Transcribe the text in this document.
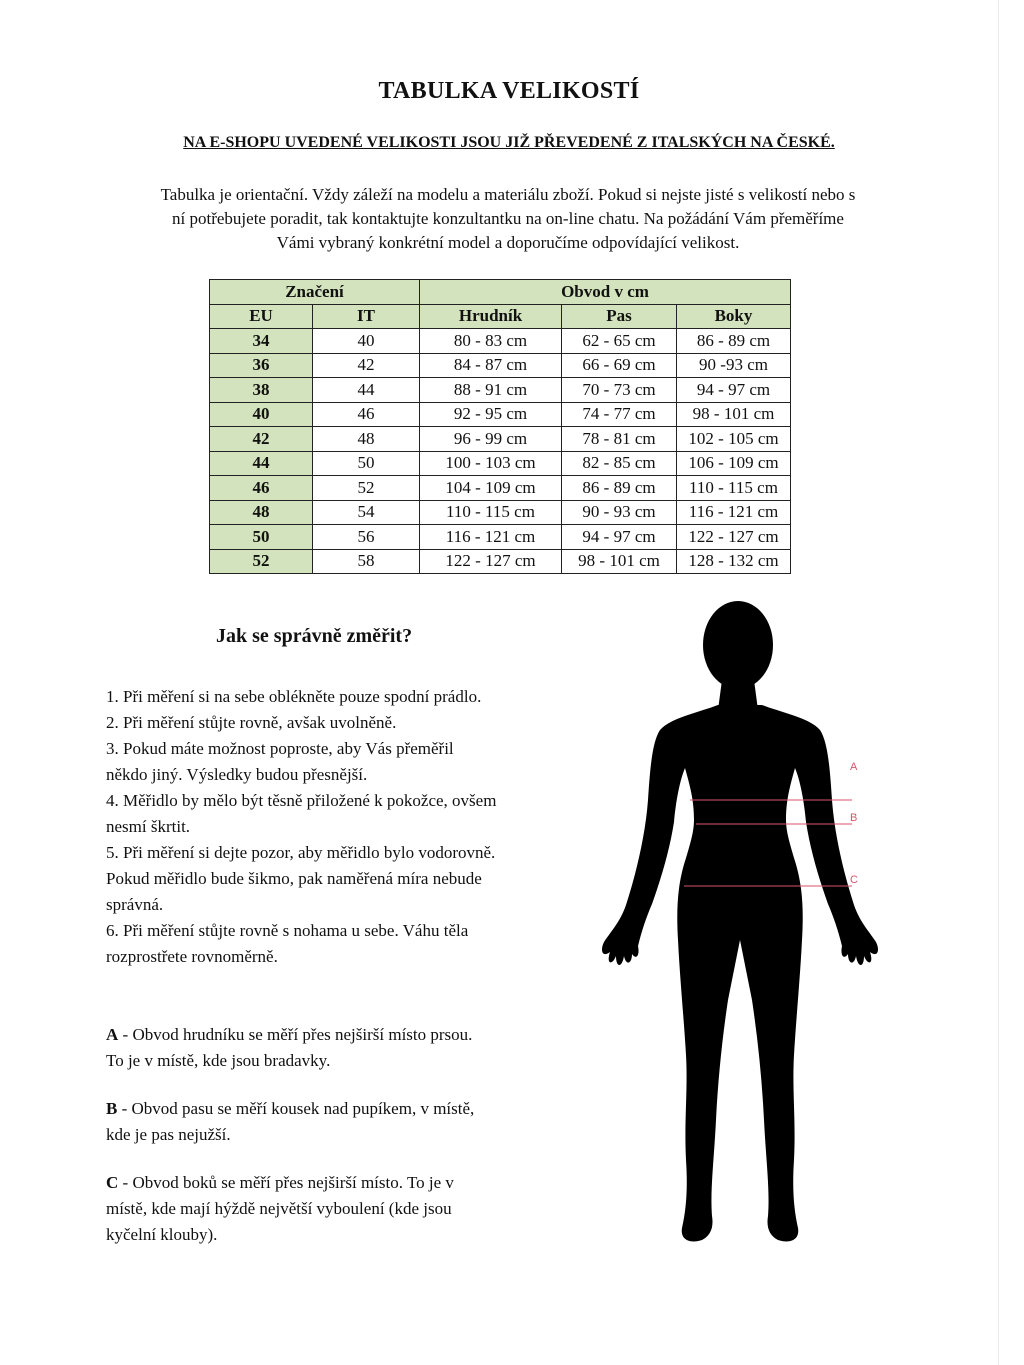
TABULKA VELIKOSTÍ
NA E-SHOPU UVEDENÉ VELIKOSTI JSOU JIŽ PŘEVEDENÉ Z ITALSKÝCH NA ČESKÉ.
Tabulka je orientační. Vždy záleží na modelu a materiálu zboží. Pokud si nejste jisté s velikostí nebo s
ní potřebujete poradit, tak kontaktujte konzultantku na on-line chatu. Na požádání Vám přeměříme
Vámi vybraný konkrétní model a doporučíme odpovídající velikost.
Značení		Obvod v cm		
EU	IT	Hrudník	Pas	Boky
34	40	80 - 83 cm	62 - 65 cm	86 - 89 cm
36	42	84 - 87 cm	66 - 69 cm	90 -93 cm
38	44	88 - 91 cm	70 - 73 cm	94 - 97 cm
40	46	92 - 95 cm	74 - 77 cm	98 - 101 cm
42	48	96 - 99 cm	78 - 81 cm	102 - 105 cm
44	50	100 - 103 cm	82 - 85 cm	106 - 109 cm
46	52	104 - 109 cm	86 - 89 cm	110 - 115 cm
48	54	110 - 115 cm	90 - 93 cm	116 - 121 cm
50	56	116 - 121 cm	94 - 97 cm	122 - 127 cm
52	58	122 - 127 cm	98 - 101 cm	128 - 132 cm
Jak se správně změřit?

1. Při měření si na sebe oblékněte pouze spodní prádlo.

2. Při měření stůjte rovně, avšak uvolněně.

3. Pokud máte možnost poproste, aby Vás přeměřil
někdo jiný. Výsledky budou přesnější.

4. Měřidlo by mělo být těsně přiložené k pokožce, ovšem
nesmí škrtit.

5. Při měření si dejte pozor, aby měřidlo bylo vodorovně.
Pokud měřidlo bude šikmo, pak naměřená míra nebude
správná.

6. Při měření stůjte rovně s nohama u sebe. Váhu těla
rozprostřete rovnoměrně.

A - Obvod hrudníku se měří přes nejširší místo prsou.
To je v místě, kde jsou bradavky.

B - Obvod pasu se měří kousek nad pupíkem, v místě,
kde je pas nejužší.

C - Obvod boků se měří přes nejširší místo. To je v
místě, kde mají hýždě největší vyboulení (kde jsou
kyčelní klouby).

A
B
C
